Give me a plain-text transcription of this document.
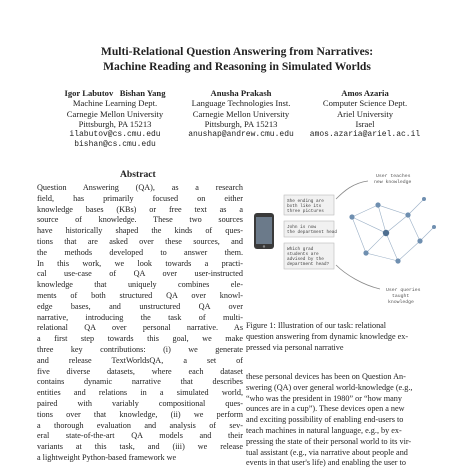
Multi-Relational Question Answering from Narratives:
Machine Reading and Reasoning in Simulated Worlds
Igor Labutov   Bishan Yang
Machine Learning Dept.
Carnegie Mellon University
Pittsburgh, PA 15213
ilabutov@cs.cmu.edu
bishan@cs.cmu.edu
Anusha Prakash
Language Technologies Inst.
Carnegie Mellon University
Pittsburgh, PA 15213
anushap@andrew.cmu.edu
Amos Azaria
Computer Science Dept.
Ariel University
Israel
amos.azaria@ariel.ac.il
Abstract
Question Answering (QA), as a research
field, has primarily focused on either
knowledge bases (KBs) or free text as a
source of knowledge. These two sources
have historically shaped the kinds of ques-
tions that are asked over these sources, and
the methods developed to answer them.
In this work, we look towards a practi-
cal use-case of QA over user-instructed
knowledge that uniquely combines ele-
ments of both structured QA over knowl-
edge bases, and unstructured QA over
narrative, introducing the task of multi-
relational QA over personal narrative. As
a first step towards this goal, we make
three key contributions: (i) we generate
and release TextWorldsQA, a set of
five diverse datasets, where each dataset
contains dynamic narrative that describes
entities and relations in a simulated world,
paired with variably compositional ques-
tions over that knowledge, (ii) we perform
a thorough evaluation and analysis of sev-
eral state-of-the-art QA models and their
variants at this task, and (iii) we release
a lightweight Python-based framework we
She ending are
both like its
three pictures
John is now
the department head
Which grad
students are
advised by the
department head?
User teaches
new knowledge
User queries
taught
knowledge
Figure 1: Illustration of our task: relational
question answering from dynamic knowledge ex-
pressed via personal narrative
these personal devices has been on Question An-
swering (QA) over general world-knowledge (e.g.,
“who was the president in 1980” or “how many
ounces are in a cup”). These devices open a new
and exciting possibility of enabling end-users to
teach machines in natural language, e.g., by ex-
pressing the state of their personal world to its vir-
tual assistant (e.g., via narrative about people and
events in that user's life) and enabling the user to
